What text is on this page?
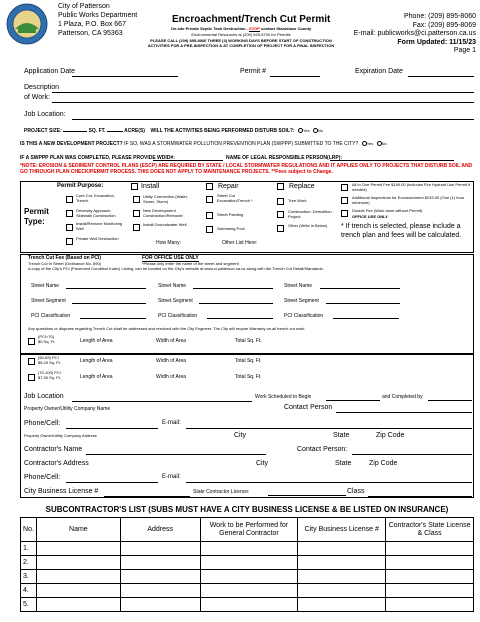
City of Patterson
Public Works Department
1 Plaza, P.O. Box 667
Patterson, CA 95363
Encroachment/Trench Cut Permit
On-site Private Septic Tank Destruction - STOP contact Stanislaus County
Environmental Resources at (209) 525-6700 for Permits
PLEASE CALL (209) 895-8060 THREE (3) WORKING DAYS BEFORE START OF CONSTRUCTION ACTIVITIES FOR A PRE-INSPECTION & AT COMPLETION OF PROJECT FOR A FINAL INSPECTION
Phone: (209) 895-8060
Fax: (209) 895-8069
E-mail: publicworks@ci.patterson.ca.us
Form Updated: 11/15/23
Page 1
Application Date	Permit #	Expiration Date
Description of Work:
Job Location:
PROJECT SIZE:	SQ. FT.	ACRE(S) WILL THE ACTIVITIES BEING PERFORMED DISTURB SOIL?: Yes No
IS THIS A NEW DEVELOPMENT PROJECT? IF SO, WAS A STORMWATER POLLUTION PREVENTION PLAN (SWPPP) SUBMITTED TO THE CITY? Yes No
IF A SWPPP PLAN WAS COMPLETED, PLEASE PROVIDE WDID#:	NAME OF LEGAL RESPONSIBLE PERSON(LRP):
*NOTE: EROSION & SEDIMENT CONTROL PLANS (ESCP) ARE REQUIRED BY STATE / LOCAL STORMWATER REGULATIONS AND IT APPLIES ONLY TO PROJECTS THAT DISTURB SOIL AND GO THROUGH PLAN CHECK/PERMIT PROCESS. THIS DOES NOT APPLY TO MAINTENANCE PROJECTS. **Fees subject to Change.
Permit Purpose:	Install	Repair	Replace
Permit Type:
Curb Cut, Excavation, Trench
Driveway Approach Sidewalk Construction
Install/Remove Monitoring Well
Private Well Destruction
Utility Connection (Water, Sewer, Storm)
New Development Construction/Remodel
Install Groundwater Well
How Many:
Street Cut Excavation/Trench *
Street Painting
Swimming Pool
Other List Here:
Tree Work
Construction: Demolition Project
Other (Write in Below)
All in One Permit Fee $169.00 (Includes Fire Hydrant Use Permit if needed)
Additional Inspections for Encroachment $233.00 (One (1) hour minimum)
Double Fee (Work done without Permit)
OFFICE USE ONLY
* If trench is selected, please include a trench plan and fees will be calculated.
Trench Cut Fee (Based on PCI)	FOR OFFICE USE ONLY
Trench Cut in Street (Ordinance No. 890)	*Please only enter the name of the street and segment
A copy of the City's PCI (Pavement Condition Index) Listing, can be located on the City's website at www.ci.patterson.ca.us along with the Trench Cut Detail/Standards.
Street Name	Street Name	Street Name
Street Segment	Street Segment	Street Segment
PCI Classification	PCI Classification	PCI Classification
Any questions or disputes regarding Trench Cut shall be addressed and resolved with the City Engineer. The City will require Warranty on all trench cut work.
(PCI>70)
$0 Sq. Ft.	Length of Area	Width of Area	Total Sq. Ft.
(50-69) PCI
$5.25 Sq. Ft.	Length of Area	Width of Area	Total Sq. Ft.
(70-100) PCI
$7.30 Sq. Ft.	Length of Area	Width of Area	Total Sq. Ft.
Job Location	Work Scheduled to Begin	and Completed by
Property Owner/Utility Company Name	Contact Person
Phone/Cell:	E-mail:
Property Owner/Utility Company Address	City	State	Zip Code
Contractor's Name	Contact Person:
Contractor's Address	City	State	Zip Code
Phone/Cell:	E-mail:
City Business License #	State Contractor Licence:	Class
SUBCONTRACTOR'S LIST (SUBS MUST HAVE A CITY BUSINESS LICENSE & BE LISTED ON INSURANCE)
No.	Name	Address	Work to be Performed for General Contractor	City Business License #	Contractor's State License & Class
1.					
2.					
3.					
4.					
5.					
